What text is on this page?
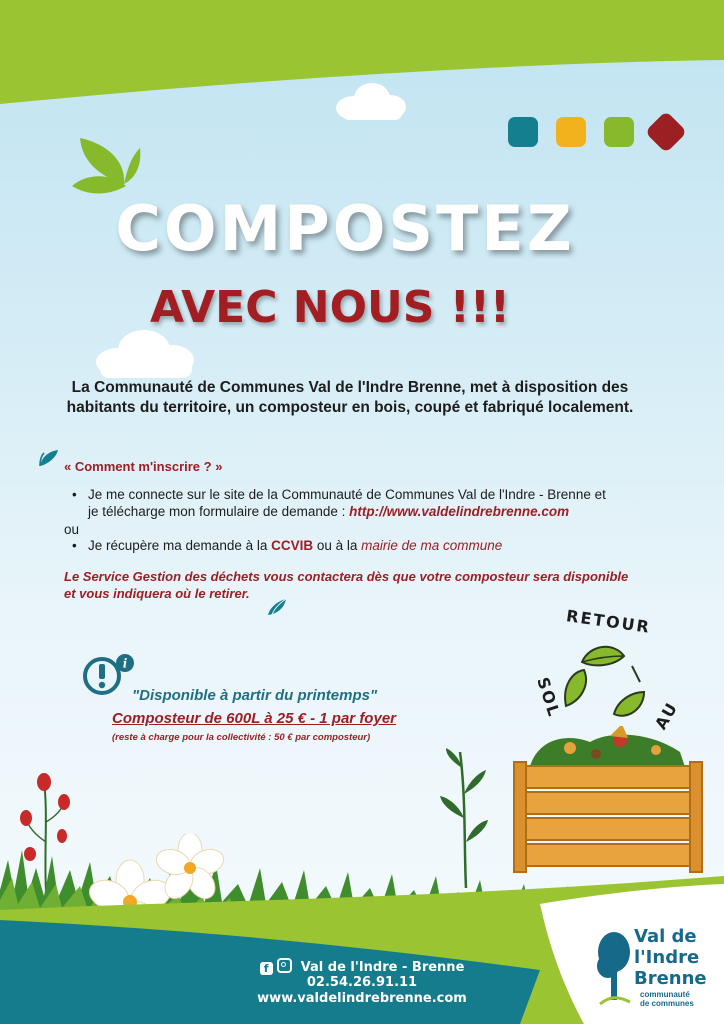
COMPOSTEZ
AVEC NOUS !!!
La Communauté de Communes Val de l'Indre Brenne, met à disposition des
habitants du territoire, un composteur en bois, coupé et fabriqué localement.
« Comment m'inscrire ? »
• Je me connecte sur le site de la Communauté de Communes Val de l'Indre - Brenne et
je télécharge mon formulaire de demande : http://www.valdelindrebrenne.com
ou
• Je récupère ma demande à la CCVIB ou à la mairie de ma commune
Le Service Gestion des déchets vous contactera dès que votre composteur sera disponible
et vous indiquera où le retirer.
i
"Disponible à partir du printemps"
Composteur de 600L à 25 € - 1 par foyer
(reste à charge pour la collectivité : 50 € par composteur)
RETOUR
SOL	AU
f Val de l'Indre - Brenne
02.54.26.91.11
www.valdelindrebrenne.com
Val de
l'Indre
Brenne
communauté
de communes
